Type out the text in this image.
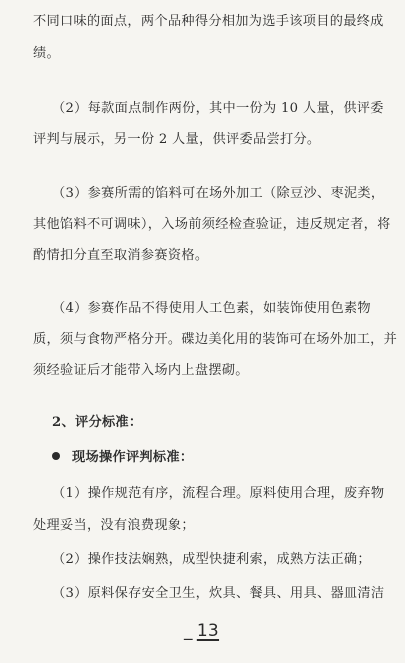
不同口味的面点，两个品种得分相加为选手该项目的最终成
绩。
（2）每款面点制作两份，其中一份为 10 人量，供评委
评判与展示，另一份 2 人量，供评委品尝打分。
（3）参赛所需的馅料可在场外加工（除豆沙、枣泥类，
其他馅料不可调味），入场前须经检查验证，违反规定者，将
酌情扣分直至取消参赛资格。
（4）参赛作品不得使用人工色素，如装饰使用色素物
质，须与食物严格分开。碟边美化用的装饰可在场外加工，并
须经验证后才能带入场内上盘摆砌。
2、评分标准：
现场操作评判标准：
（1）操作规范有序，流程合理。原料使用合理，废弃物
处理妥当，没有浪费现象；
（2）操作技法娴熟，成型快捷利索，成熟方法正确；
（3）原料保存安全卫生，炊具、餐具、用具、器皿清洁
_ 13
